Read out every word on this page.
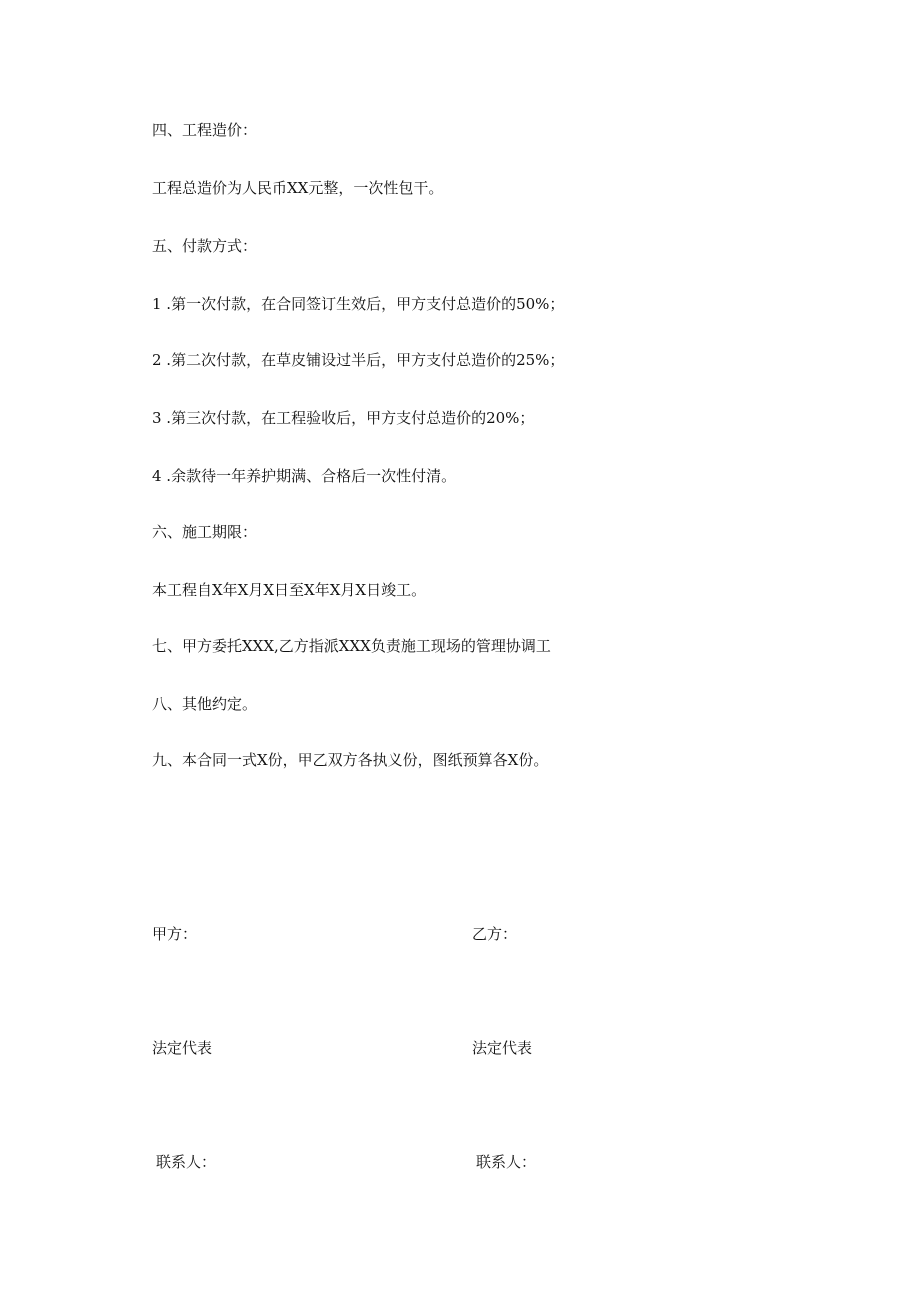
四、工程造价：
工程总造价为人民币XX元整，一次性包干。
五、付款方式：
1 .第一次付款，在合同签订生效后，甲方支付总造价的50%；
2 .第二次付款，在草皮铺设过半后，甲方支付总造价的25%；
3 .第三次付款，在工程验收后，甲方支付总造价的20%；
4 .余款待一年养护期满、合格后一次性付清。
六、施工期限：
本工程自X年X月X日至X年X月X日竣工。
七、甲方委托XXX,乙方指派XXX负责施工现场的管理协调工
八、其他约定。
九、本合同一式X份，甲乙双方各执义份，图纸预算各X份。
甲方：	乙方：
法定代表	法定代表
联系人：	联系人：
